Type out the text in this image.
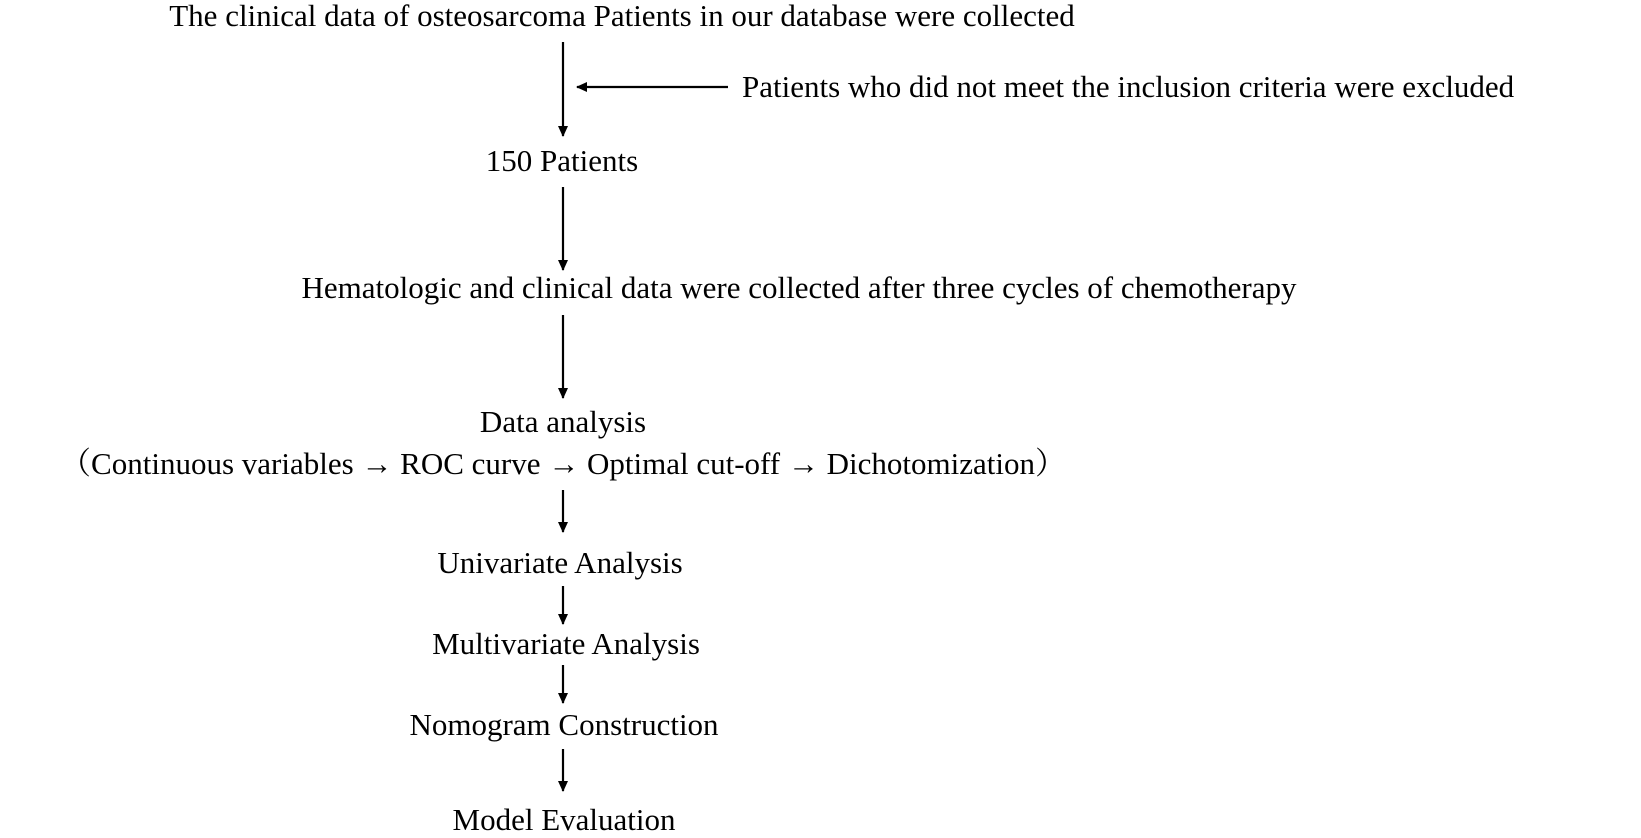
The clinical data of osteosarcoma Patients in our database were collected
Patients who did not meet the inclusion criteria were excluded
150 Patients
Hematologic and clinical data were collected after three cycles of chemotherapy
Data analysis
（Continuous variables → ROC curve → Optimal cut-off → Dichotomization）
Univariate Analysis
Multivariate Analysis
Nomogram Construction
Model Evaluation
